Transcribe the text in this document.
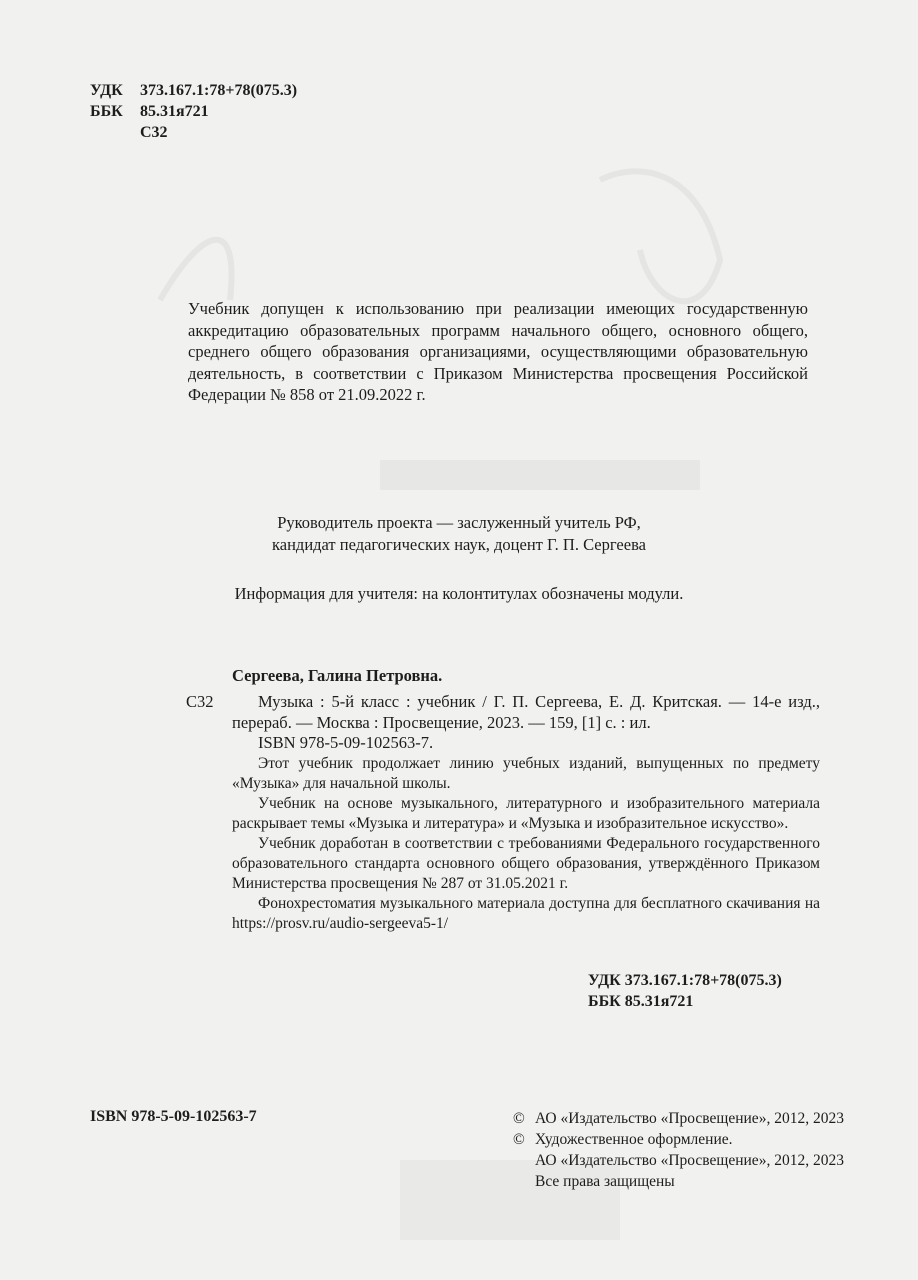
УДК	373.167.1:78+78(075.3)
ББК	85.31я721
С32
Учебник допущен к использованию при реализации имеющих государственную аккредитацию образовательных программ начального общего, основного общего, среднего общего образования организациями, осуществляющими образовательную деятельность, в соответствии с Приказом Министерства просвещения Российской Федерации № 858 от 21.09.2022 г.
Руководитель проекта — заслуженный учитель РФ,
кандидат педагогических наук, доцент Г. П. Сергеева
Информация для учителя: на колонтитулах обозначены модули.
Сергеева, Галина Петровна.
С32	Музыка : 5-й класс : учебник / Г. П. Сергеева, Е. Д. Критская. — 14-е изд., перераб. — Москва : Просвещение, 2023. — 159, [1] с. : ил.

ISBN 978-5-09-102563-7.

Этот учебник продолжает линию учебных изданий, выпущенных по предмету «Музыка» для начальной школы.

Учебник на основе музыкального, литературного и изобразительного материала раскрывает темы «Музыка и литература» и «Музыка и изобразительное искусство».

Учебник доработан в соответствии с требованиями Федерального государственного образовательного стандарта основного общего образования, утверждённого Приказом Министерства просвещения № 287 от 31.05.2021 г.

Фонохрестоматия музыкального материала доступна для бесплатного скачивания на https://prosv.ru/audio-sergeeva5-1/

УДК 373.167.1:78+78(075.3)
ББК 85.31я721
ISBN 978-5-09-102563-7	© АО «Издательство «Просвещение», 2012, 2023
© Художественное оформление.
АО «Издательство «Просвещение», 2012, 2023
Все права защищены
